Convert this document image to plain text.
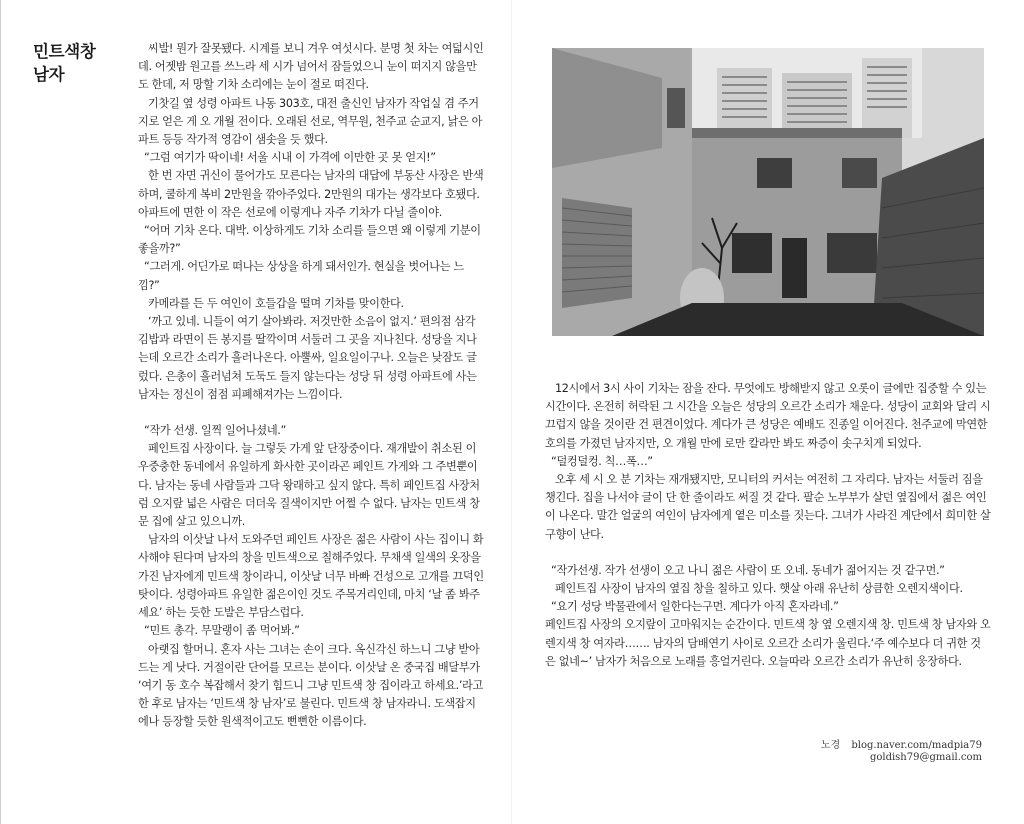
민트색창
남자

씨발! 뭔가 잘못됐다. 시계를 보니 겨우 여섯시다. 분명 첫 차는 여덟시인데. 어젯밤 원고를 쓰느라 세 시가 넘어서 잠들었으니 눈이 떠지지 않을만도 한데, 저 망할 기차 소리에는 눈이 절로 떠진다.

기찻길 옆 성령 아파트 나동 303호, 대전 출신인 남자가 작업실 겸 주거지로 얻은 게 오 개월 전이다. 오래된 선로, 역무원, 천주교 순교지, 낡은 아파트 등등 작가적 영감이 샘솟을 듯 했다.

“그럼 여기가 딱이네! 서울 시내 이 가격에 이만한 곳 못 얻지!”

한 번 자면 귀신이 물어가도 모른다는 남자의 대답에 부동산 사장은 반색하며, 쿨하게 복비 2만원을 깎아주었다. 2만원의 대가는 생각보다 호됐다. 아파트에 면한 이 작은 선로에 이렇게나 자주 기차가 다닐 줄이야.

“어머 기차 온다. 대박. 이상하게도 기차 소리를 들으면 왜 이렇게 기분이 좋을까?”

“그러게. 어딘가로 떠나는 상상을 하게 돼서인가. 현실을 벗어나는 느낌?”

카메라를 든 두 여인이 호들갑을 떨며 기차를 맞이한다.

‘까고 있네. 니들이 여기 살아봐라. 저것만한 소음이 없지.’ 편의점 삼각 김밥과 라면이 든 봉지를 딸깍이며 서둘러 그 곳을 지나친다. 성당을 지나는데 오르간 소리가 흘러나온다. 아뿔싸, 일요일이구나. 오늘은 낮잠도 글렀다. 은총이 흘러넘쳐 도둑도 들지 않는다는 성당 뒤 성령 아파트에 사는 남자는 정신이 점점 피폐해져가는 느낌이다.

“작가 선생. 일찍 일어나셨네.”

페인트집 사장이다. 늘 그렇듯 가게 앞 단장중이다. 재개발이 취소된 이 우중충한 동네에서 유일하게 화사한 곳이라곤 페인트 가게와 그 주변뿐이다. 남자는 동네 사람들과 그닥 왕래하고 싶지 않다. 특히 페인트집 사장처럼 오지랖 넓은 사람은 더더욱 질색이지만 어쩔 수 없다. 남자는 민트색 창문 집에 살고 있으니까.

남자의 이삿날 나서 도와주던 페인트 사장은 젊은 사람이 사는 집이니 화사해야 된다며 남자의 창을 민트색으로 칠해주었다. 무채색 일색의 옷장을 가진 남자에게 민트색 창이라니, 이삿날 너무 바빠 건성으로 고개를 끄덕인 탓이다. 성령아파트 유일한 젊은이인 것도 주목거리인데, 마치 ‘날 좀 봐주세요’ 하는 듯한 도발은 부담스럽다.

“민트 총각. 무말랭이 좀 먹어봐.”

아랫집 할머니. 혼자 사는 그녀는 손이 크다. 옥신각신 하느니 그냥 받아드는 게 낫다. 거절이란 단어를 모르는 분이다. 이삿날 온 중국집 배달부가 ‘여기 동 호수 복잡해서 찾기 힘드니 그냥 민트색 창 집이라고 하세요.’라고 한 후로 남자는 ‘민트색 창 남자’로 불린다. 민트색 창 남자라니. 도색잡지에나 등장할 듯한 원색적이고도 뻔뻔한 이름이다.

12시에서 3시 사이 기차는 잠을 잔다. 무엇에도 방해받지 않고 오롯이 글에만 집중할 수 있는 시간이다. 온전히 허락된 그 시간을 오늘은 성당의 오르간 소리가 채운다. 성당이 교회와 달리 시끄럽지 않을 것이란 건 편견이었다. 계다가 큰 성당은 예배도 진종일 이어진다. 천주교에 막연한 호의를 가졌던 남자지만, 오 개월 만에 로만 칼라만 봐도 짜증이 솟구치게 되었다.

“덜컹덜컹. 칙…폭…”

오후 세 시 오 분 기차는 재개됐지만, 모니터의 커서는 여전히 그 자리다. 남자는 서둘러 짐을 챙긴다. 집을 나서야 글이 단 한 줄이라도 써질 것 같다. 팔순 노부부가 살던 옆집에서 젊은 여인이 나온다. 말간 얼굴의 여인이 남자에게 옅은 미소를 짓는다. 그녀가 사라진 계단에서 희미한 살구향이 난다.

“작가선생. 작가 선생이 오고 나니 젊은 사람이 또 오네. 동네가 젊어지는 것 같구먼.”

페인트집 사장이 남자의 옆집 창을 칠하고 있다. 햇살 아래 유난히 상큼한 오렌지색이다.

“요기 성당 박물관에서 일한다는구먼. 계다가 아직 혼자라네.”

페인트집 사장의 오지랖이 고마워지는 순간이다. 민트색 창 옆 오렌지색 창. 민트색 창 남자와 오렌지색 창 여자라……. 남자의 담배연기 사이로 오르간 소리가 울린다.‘주 예수보다 더 귀한 것은 없네~’ 남자가 처음으로 노래를 흥얼거린다. 오늘따라 오르간 소리가 유난히 웅장하다.

노경 blog.naver.com/madpia79
goldish79@gmail.com
